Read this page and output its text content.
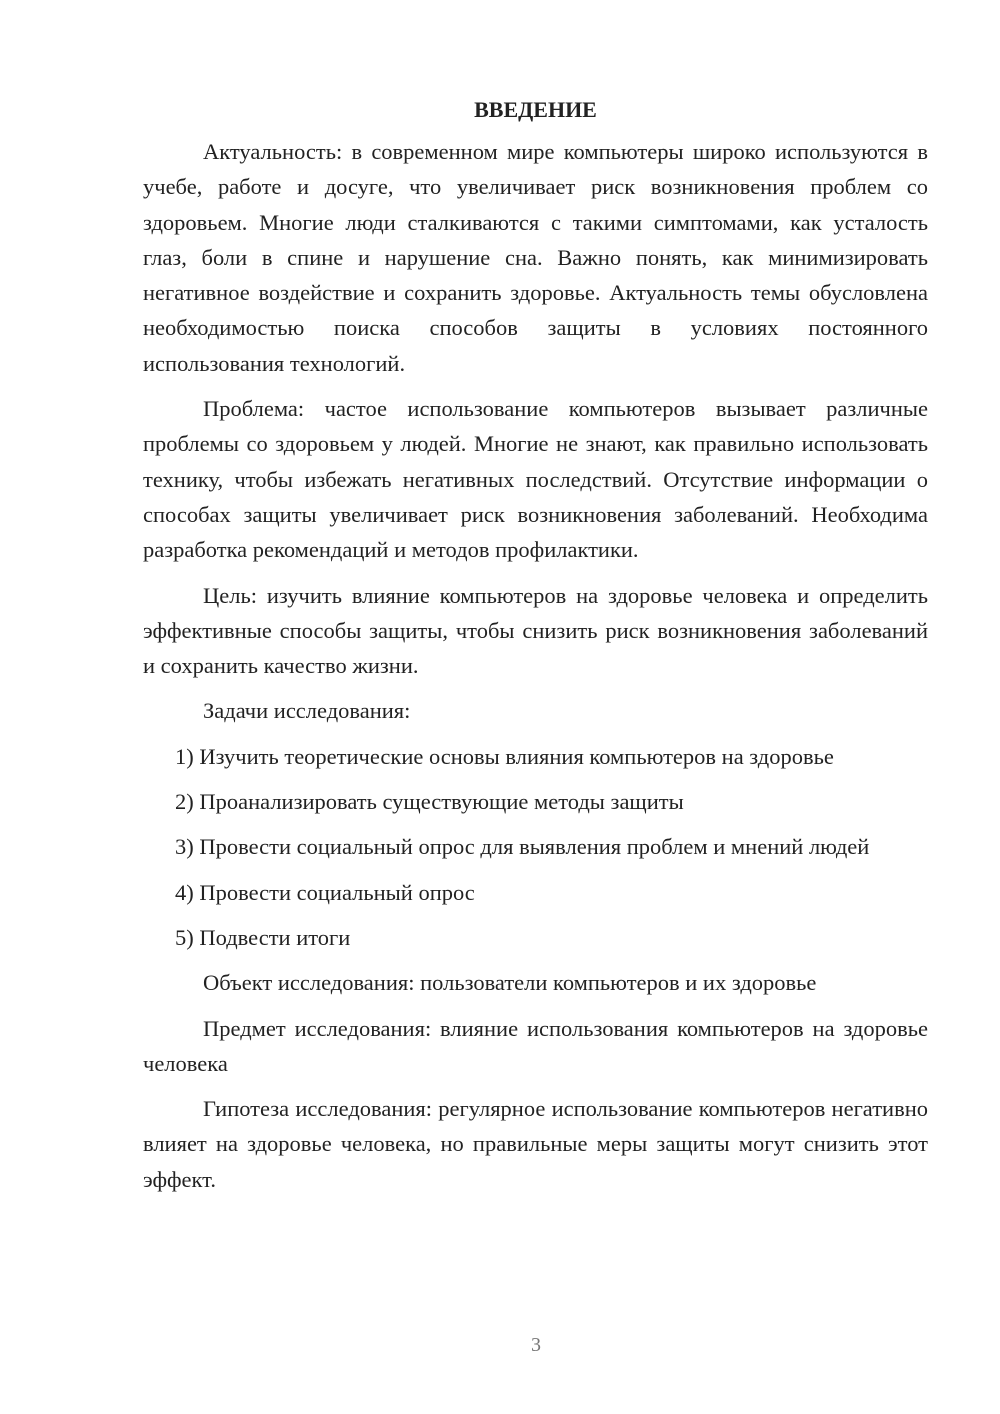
ВВЕДЕНИЕ

Актуальность: в современном мире компьютеры широко используются в учебе, работе и досуге, что увеличивает риск возникновения проблем со здоровьем. Многие люди сталкиваются с такими симптомами, как усталость глаз, боли в спине и нарушение сна. Важно понять, как минимизировать негативное воздействие и сохранить здоровье. Актуальность темы обусловлена необходимостью поиска способов защиты в условиях постоянного использования технологий.

Проблема: частое использование компьютеров вызывает различные проблемы со здоровьем у людей. Многие не знают, как правильно использовать технику, чтобы избежать негативных последствий. Отсутствие информации о способах защиты увеличивает риск возникновения заболеваний. Необходима разработка рекомендаций и методов профилактики.

Цель: изучить влияние компьютеров на здоровье человека и определить эффективные способы защиты, чтобы снизить риск возникновения заболеваний и сохранить качество жизни.

Задачи исследования:

1) Изучить теоретические основы влияния компьютеров на здоровье

2) Проанализировать существующие методы защиты

3) Провести социальный опрос для выявления проблем и мнений людей

4) Провести социальный опрос

5) Подвести итоги

Объект исследования: пользователи компьютеров и их здоровье

Предмет исследования: влияние использования компьютеров на здоровье человека

Гипотеза исследования: регулярное использование компьютеров негативно влияет на здоровье человека, но правильные меры защиты могут снизить этот эффект.

3
